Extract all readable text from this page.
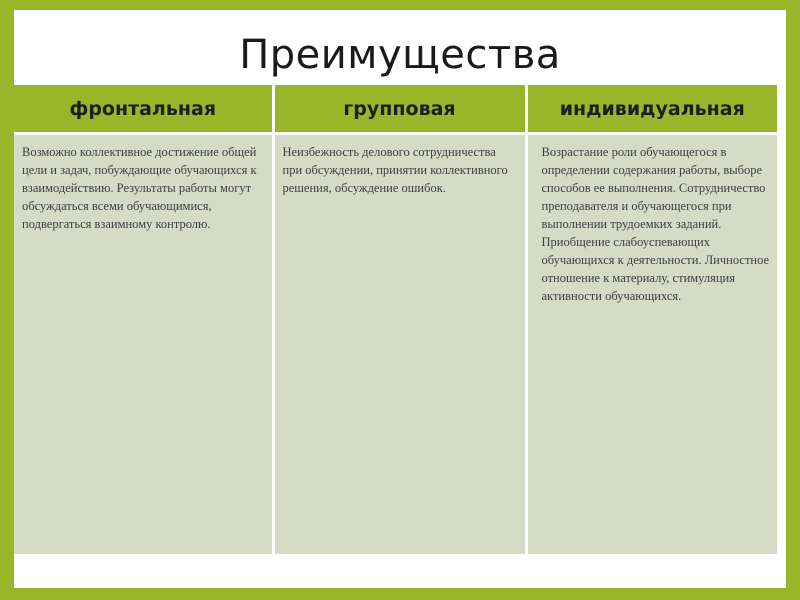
Преимущества
фронтальная	групповая	индивидуальная
Возможно коллективное достижение общей цели и задач, побуждающие обучающихся к взаимодействию. Результаты работы могут обсуждаться всеми обучающимися, подвергаться взаимному контролю.	Неизбежность делового сотрудничества при обсуждении, принятии коллективного решения, обсуждение ошибок.	Возрастание роли обучающегося в определении содержания работы, выборе способов ее выполнения. Сотрудничество преподавателя и обучающегося при выполнении трудоемких заданий. Приобщение слабоуспевающих обучающихся к деятельности. Личностное отношение к материалу, стимуляция активности обучающихся.
